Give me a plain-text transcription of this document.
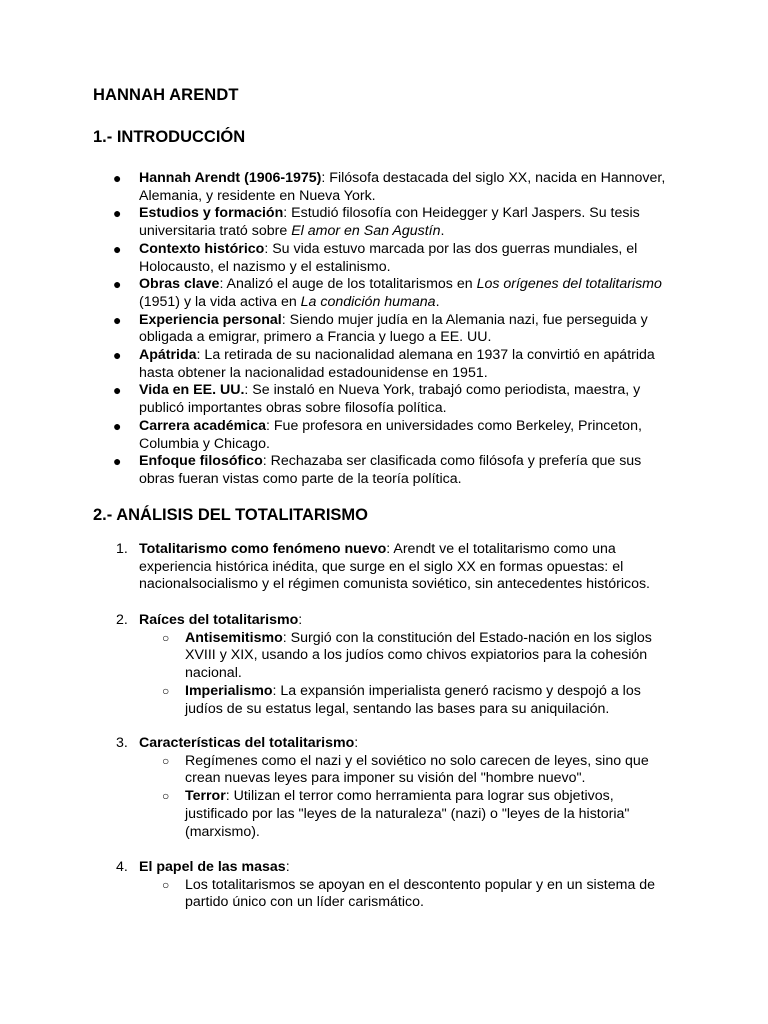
HANNAH ARENDT
1.- INTRODUCCIÓN
● Hannah Arendt (1906-1975): Filósofa destacada del siglo XX, nacida en Hannover, Alemania, y residente en Nueva York.
● Estudios y formación: Estudió filosofía con Heidegger y Karl Jaspers. Su tesis universitaria trató sobre El amor en San Agustín.
● Contexto histórico: Su vida estuvo marcada por las dos guerras mundiales, el Holocausto, el nazismo y el estalinismo.
● Obras clave: Analizó el auge de los totalitarismos en Los orígenes del totalitarismo (1951) y la vida activa en La condición humana.
● Experiencia personal: Siendo mujer judía en la Alemania nazi, fue perseguida y obligada a emigrar, primero a Francia y luego a EE. UU.
● Apátrida: La retirada de su nacionalidad alemana en 1937 la convirtió en apátrida hasta obtener la nacionalidad estadounidense en 1951.
● Vida en EE. UU.: Se instaló en Nueva York, trabajó como periodista, maestra, y publicó importantes obras sobre filosofía política.
● Carrera académica: Fue profesora en universidades como Berkeley, Princeton, Columbia y Chicago.
● Enfoque filosófico: Rechazaba ser clasificada como filósofa y prefería que sus obras fueran vistas como parte de la teoría política.
2.- ANÁLISIS DEL TOTALITARISMO
1. Totalitarismo como fenómeno nuevo: Arendt ve el totalitarismo como una experiencia histórica inédita, que surge en el siglo XX en formas opuestas: el nacionalsocialismo y el régimen comunista soviético, sin antecedentes históricos.
2. Raíces del totalitarismo:
○ Antisemitismo: Surgió con la constitución del Estado-nación en los siglos XVIII y XIX, usando a los judíos como chivos expiatorios para la cohesión nacional.
○ Imperialismo: La expansión imperialista generó racismo y despojó a los judíos de su estatus legal, sentando las bases para su aniquilación.
3. Características del totalitarismo:
○ Regímenes como el nazi y el soviético no solo carecen de leyes, sino que crean nuevas leyes para imponer su visión del "hombre nuevo".
○ Terror: Utilizan el terror como herramienta para lograr sus objetivos, justificado por las "leyes de la naturaleza" (nazi) o "leyes de la historia" (marxismo).
4. El papel de las masas:
○ Los totalitarismos se apoyan en el descontento popular y en un sistema de partido único con un líder carismático.
